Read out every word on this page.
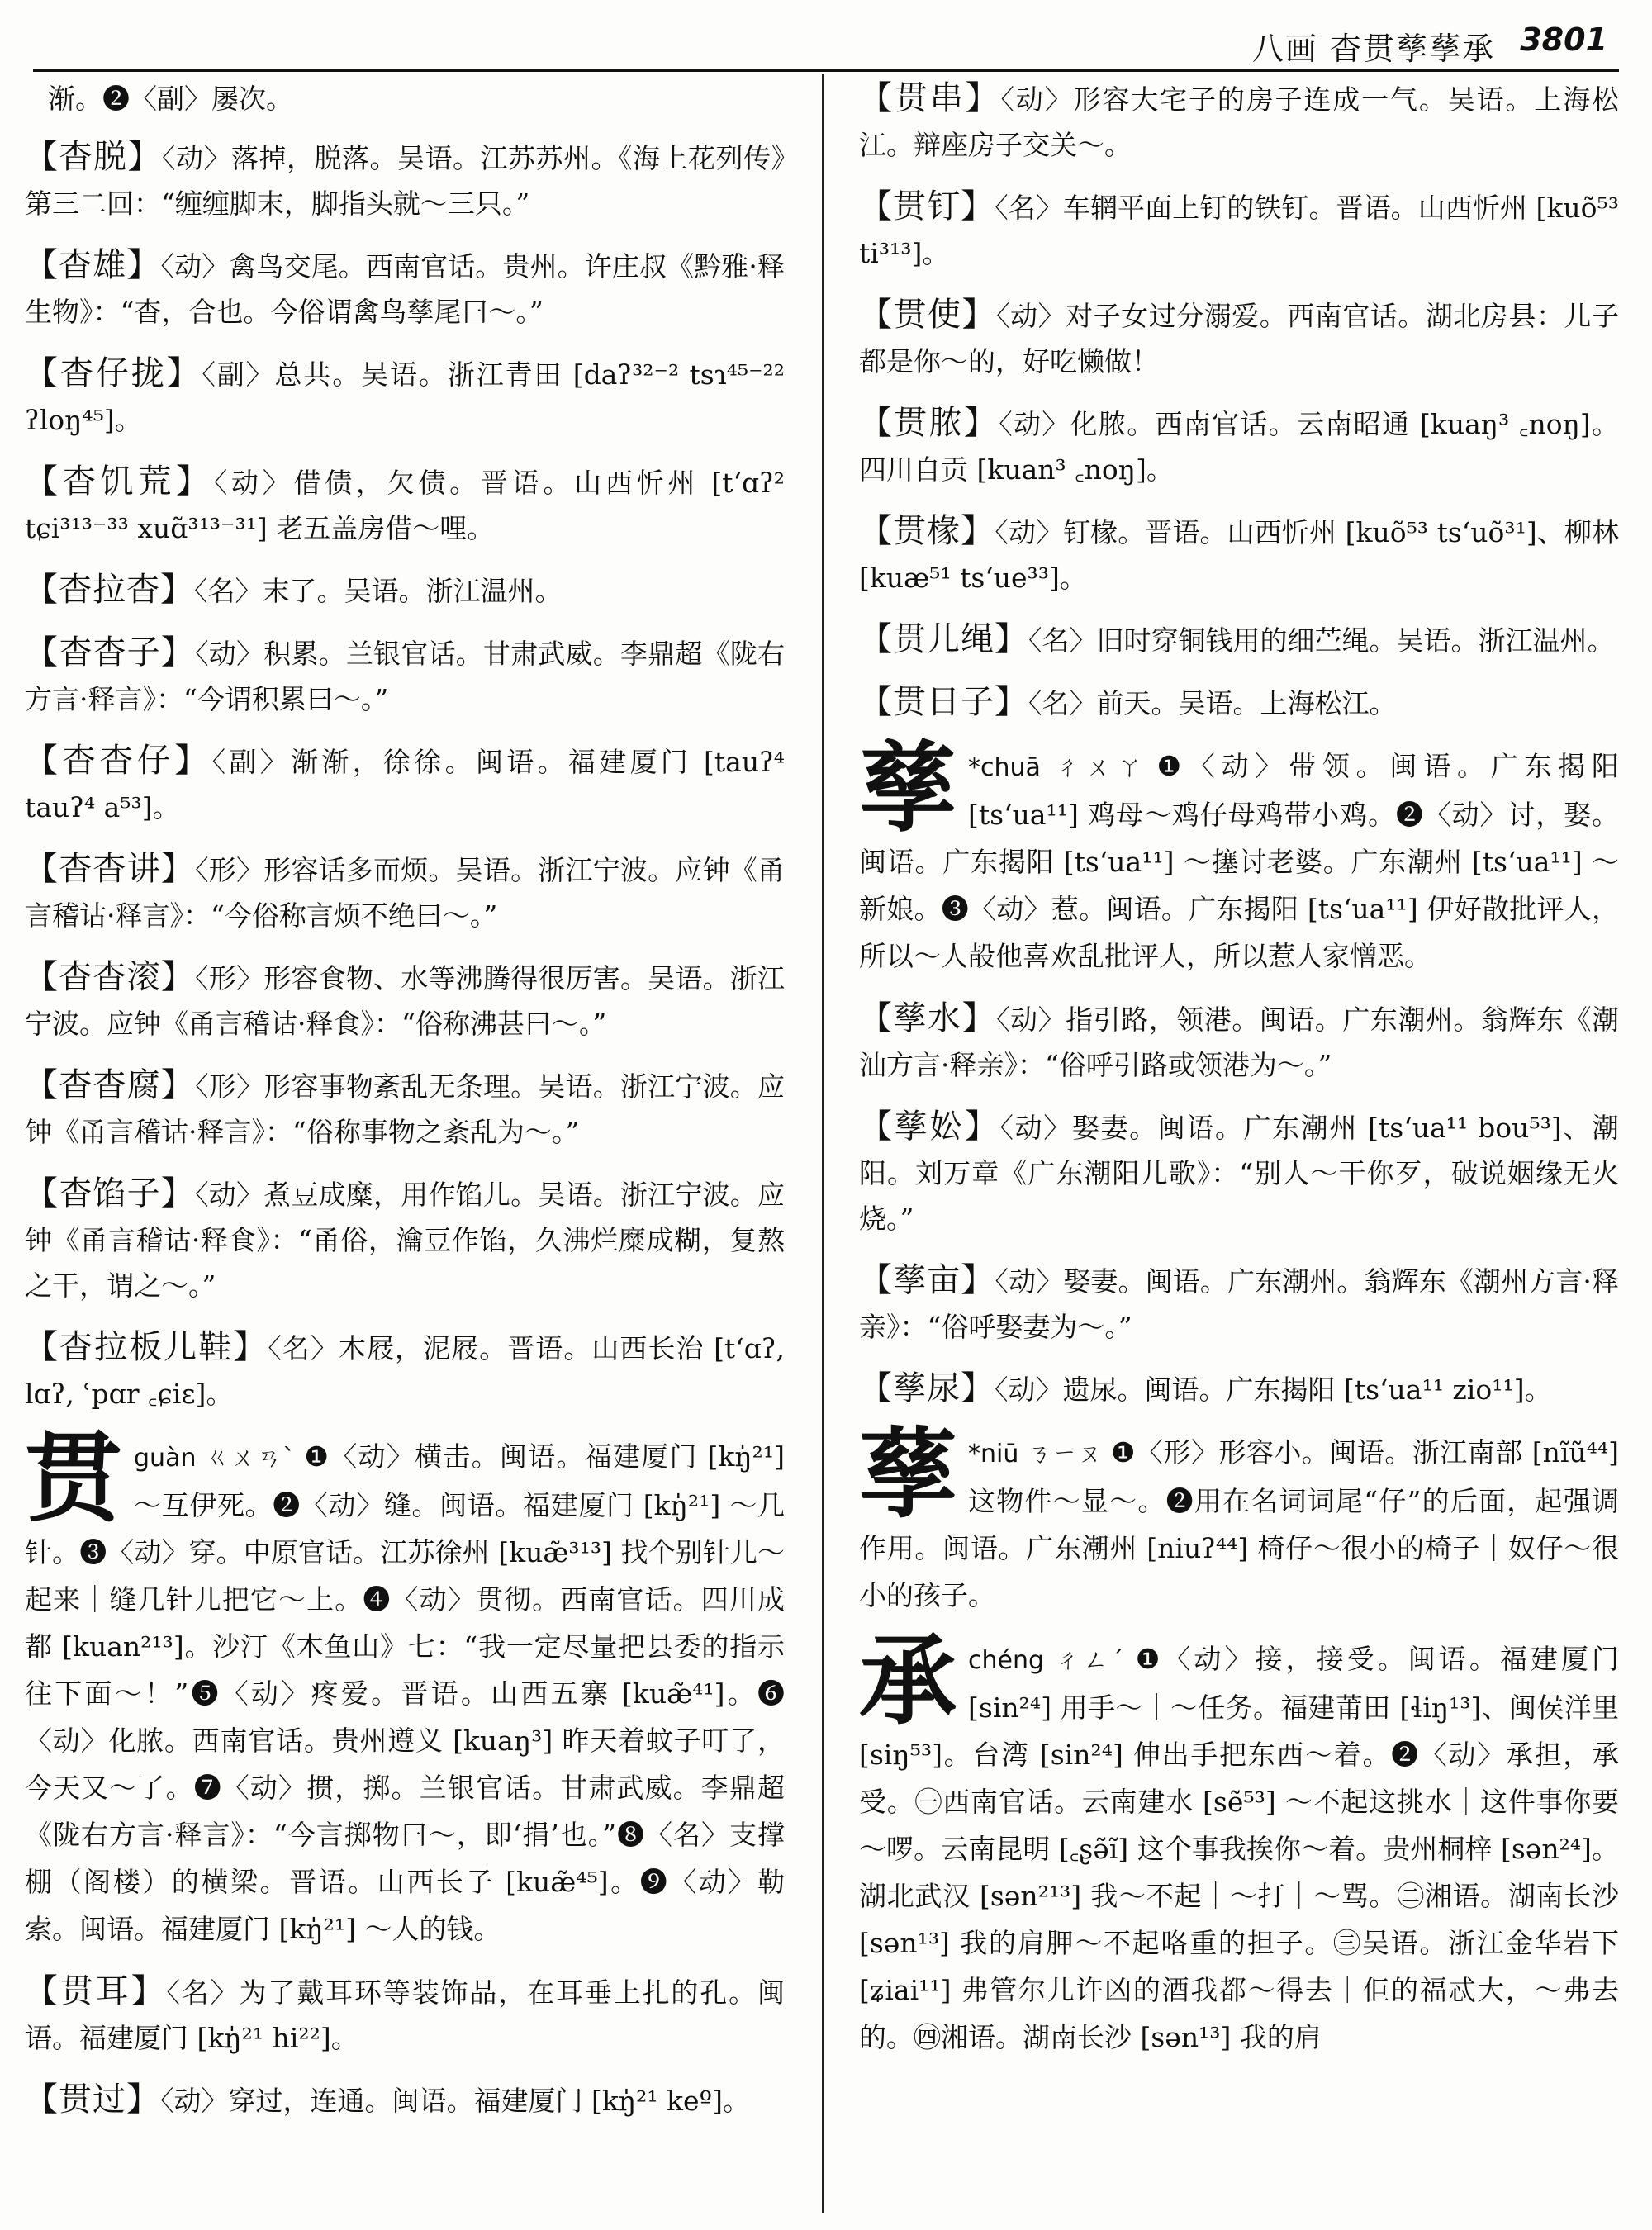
八画 杳贯孳孶承 3801
渐。❷〈副〉屡次。
【杳脱】〈动〉落掉，脱落。吴语。江苏苏州。《海上花列传》第三二回：“缠缠脚末，脚指头就～三只。”
【杳雄】〈动〉禽鸟交尾。西南官话。贵州。许庄叔《黔雅·释生物》：“杳，合也。今俗谓禽鸟孳尾曰～。”
【杳仔拢】〈副〉总共。吴语。浙江青田 [daʔ³²⁻² tsɿ⁴⁵⁻²² ʔloŋ⁴⁵]。
【杳饥荒】〈动〉借债，欠债。晋语。山西忻州 [tʻɑʔ² tɕi³¹³⁻³³ xuɑ̃³¹³⁻³¹] 老五盖房借～哩。
【杳拉杳】〈名〉末了。吴语。浙江温州。
【杳杳子】〈动〉积累。兰银官话。甘肃武威。李鼎超《陇右方言·释言》：“今谓积累曰～。”
【杳杳仔】〈副〉渐渐，徐徐。闽语。福建厦门 [tauʔ⁴ tauʔ⁴ a⁵³]。
【杳杳讲】〈形〉形容话多而烦。吴语。浙江宁波。应钟《甬言稽诂·释言》：“今俗称言烦不绝曰～。”
【杳杳滚】〈形〉形容食物、水等沸腾得很厉害。吴语。浙江宁波。应钟《甬言稽诂·释食》：“俗称沸甚曰～。”
【杳杳腐】〈形〉形容事物紊乱无条理。吴语。浙江宁波。应钟《甬言稽诂·释言》：“俗称事物之紊乱为～。”
【杳馅子】〈动〉煮豆成糜，用作馅儿。吴语。浙江宁波。应钟《甬言稽诂·释食》：“甬俗，瀹豆作馅，久沸烂糜成糊，复熬之干，谓之～。”
【杳拉板儿鞋】〈名〉木屐，泥屐。晋语。山西长治 [tʻɑʔ, lɑʔ, ʿpɑr ꜀ɕiɛ]。
贯guàn ㄍㄨㄢˋ ❶〈动〉横击。闽语。福建厦门 [kŋ̍²¹] ～互伊死。❷〈动〉缝。闽语。福建厦门 [kŋ̍²¹] ～几针。❸〈动〉穿。中原官话。江苏徐州 [kuæ̃³¹³] 找个别针儿～起来｜缝几针儿把它～上。❹〈动〉贯彻。西南官话。四川成都 [kuan²¹³]。沙汀《木鱼山》七：“我一定尽量把县委的指示往下面～！”❺〈动〉疼爱。晋语。山西五寨 [kuæ̃⁴¹]。❻〈动〉化脓。西南官话。贵州遵义 [kuaŋ³] 昨天着蚊子叮了，今天又～了。❼〈动〉掼，掷。兰银官话。甘肃武威。李鼎超《陇右方言·释言》：“今言掷物曰～，即‘捐’也。”❽〈名〉支撑棚（阁楼）的横梁。晋语。山西长子 [kuæ̃⁴⁵]。❾〈动〉勒索。闽语。福建厦门 [kŋ̍²¹] ～人的钱。
【贯耳】〈名〉为了戴耳环等装饰品，在耳垂上扎的孔。闽语。福建厦门 [kŋ̍²¹ hi²²]。
【贯过】〈动〉穿过，连通。闽语。福建厦门 [kŋ̍²¹ keº]。
【贯串】〈动〉形容大宅子的房子连成一气。吴语。上海松江。辩座房子交关～。
【贯钉】〈名〉车辋平面上钉的铁钉。晋语。山西忻州 [kuõ⁵³ ti³¹³]。
【贯使】〈动〉对子女过分溺爱。西南官话。湖北房县：儿子都是你～的，好吃懒做！
【贯脓】〈动〉化脓。西南官话。云南昭通 [kuaŋ³ ꜀noŋ]。四川自贡 [kuan³ ꜀noŋ]。
【贯椽】〈动〉钉椽。晋语。山西忻州 [kuõ⁵³ tsʻuõ³¹]、柳林 [kuæ⁵¹ tsʻue³³]。
【贯儿绳】〈名〉旧时穿铜钱用的细苎绳。吴语。浙江温州。
【贯日子】〈名〉前天。吴语。上海松江。
孳 *chuā ㄔㄨㄚ ❶〈动〉带领。闽语。广东揭阳 [tsʻua¹¹] 鸡母～鸡仔母鸡带小鸡。❷〈动〉讨，娶。闽语。广东揭阳 [tsʻua¹¹] ～㩙讨老婆。广东潮州 [tsʻua¹¹] ～新娘。❸〈动〉惹。闽语。广东揭阳 [tsʻua¹¹] 伊好散批评人，所以～人㱿他喜欢乱批评人，所以惹人家憎恶。
【孳水】〈动〉指引路，领港。闽语。广东潮州。翁辉东《潮汕方言·释亲》：“俗呼引路或领港为～。”
【孳妐】〈动〉娶妻。闽语。广东潮州 [tsʻua¹¹ bou⁵³]、潮阳。刘万章《广东潮阳儿歌》：“别人～干你歹，破说姻缘无火烧。”
【孳亩】〈动〉娶妻。闽语。广东潮州。翁辉东《潮州方言·释亲》：“俗呼娶妻为～。”
【孳尿】〈动〉遗尿。闽语。广东揭阳 [tsʻua¹¹ zio¹¹]。
孶 *niū ㄋㄧㄡ ❶〈形〉形容小。闽语。浙江南部 [nĩũ⁴⁴] 这物件～显～。❷用在名词词尾“仔”的后面，起强调作用。闽语。广东潮州 [niuʔ⁴⁴] 椅仔～很小的椅子｜奴仔～很小的孩子。
承chéng ㄔㄥˊ ❶〈动〉接，接受。闽语。福建厦门 [sin²⁴] 用手～｜～任务。福建莆田 [ɬiŋ¹³]、闽侯洋里 [siŋ⁵³]。台湾 [sin²⁴] 伸出手把东西～着。❷〈动〉承担，承受。㊀西南官话。云南建水 [sẽ⁵³] ～不起这挑水｜这件事你要～啰。云南昆明 [꜀ʂə̃ĩ] 这个事我挨你～着。贵州桐梓 [sən²⁴]。湖北武汉 [sən²¹³] 我～不起｜～打｜～骂。㊁湘语。湖南长沙 [sən¹³] 我的肩胛～不起咯重的担子。㊂吴语。浙江金华岩下 [ʑiai¹¹] 弗管尔儿许凶的酒我都～得去｜佢的福忒大，～弗去的。㊃湘语。湖南长沙 [sən¹³] 我的肩
